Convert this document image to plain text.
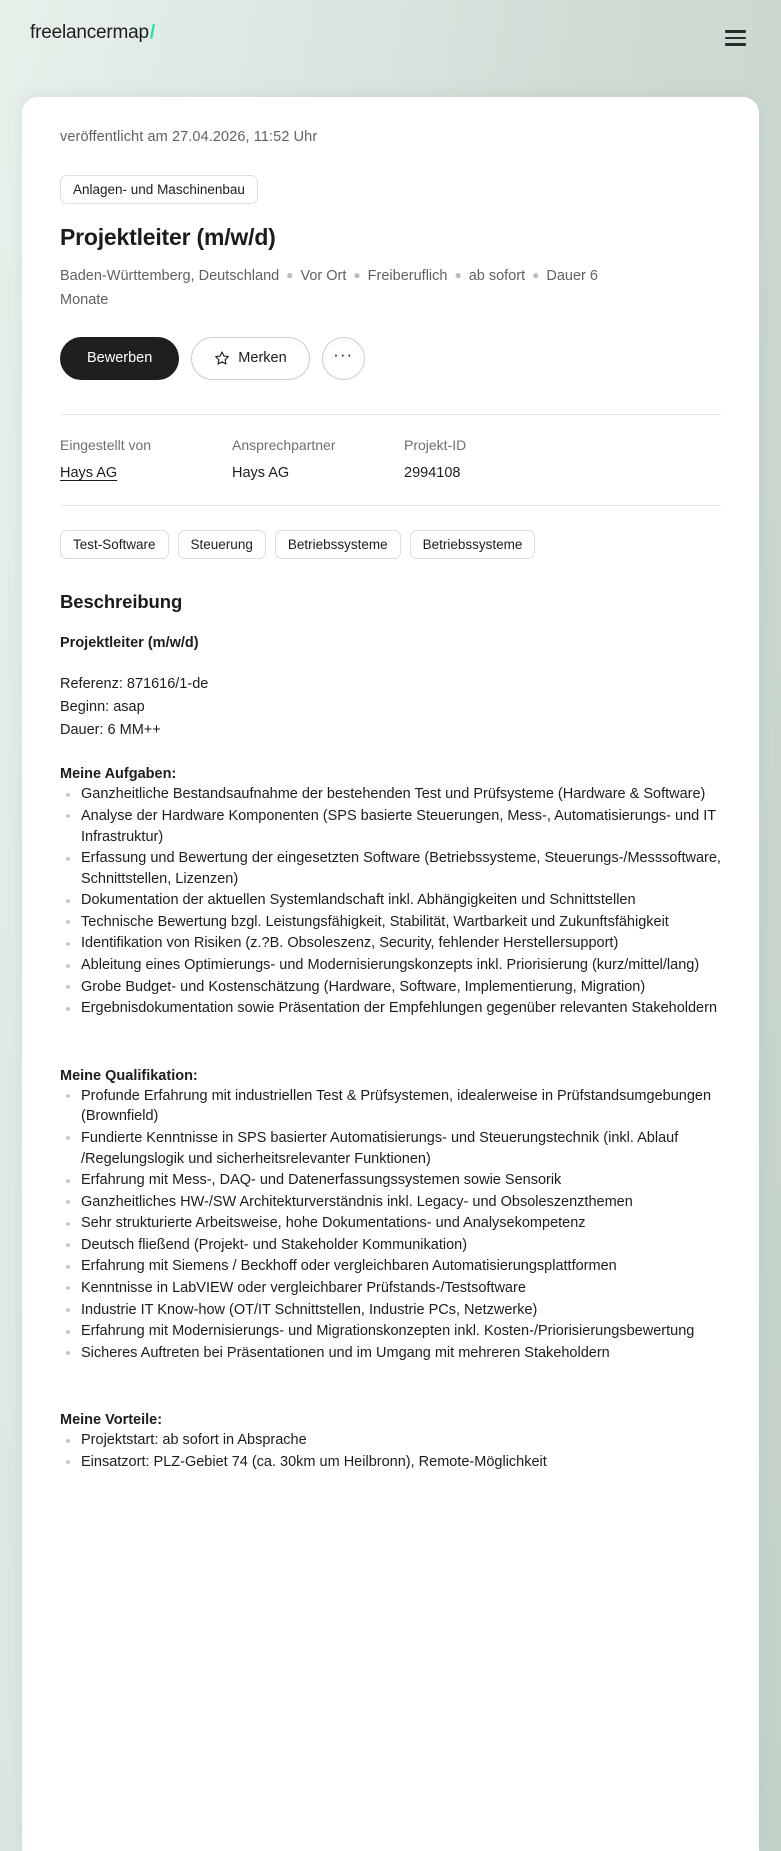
freelancermap/
veröffentlicht am 27.04.2026, 11:52 Uhr
Anlagen- und Maschinenbau
Projektleiter (m/w/d)
Baden-Württemberg, Deutschland ● Vor Ort ● Freiberuflich ● ab sofort ● Dauer 6 Monate
Bewerben	Merken	···
Eingestellt von
Hays AG
Ansprechpartner
Hays AG
Projekt-ID
2994108
Test-Software	Steuerung	Betriebssysteme	Betriebssysteme
Beschreibung
Projektleiter (m/w/d)
Referenz: 871616/1-de
Beginn: asap
Dauer: 6 MM++
Meine Aufgaben:
Ganzheitliche Bestandsaufnahme der bestehenden Test und Prüfsysteme (Hardware & Software)
Analyse der Hardware Komponenten (SPS basierte Steuerungen, Mess-, Automatisierungs- und IT Infrastruktur)
Erfassung und Bewertung der eingesetzten Software (Betriebssysteme, Steuerungs-/Messsoftware, Schnittstellen, Lizenzen)
Dokumentation der aktuellen Systemlandschaft inkl. Abhängigkeiten und Schnittstellen
Technische Bewertung bzgl. Leistungsfähigkeit, Stabilität, Wartbarkeit und Zukunftsfähigkeit
Identifikation von Risiken (z.?B. Obsoleszenz, Security, fehlender Herstellersupport)
Ableitung eines Optimierungs- und Modernisierungskonzepts inkl. Priorisierung (kurz/mittel/lang)
Grobe Budget- und Kostenschätzung (Hardware, Software, Implementierung, Migration)
Ergebnisdokumentation sowie Präsentation der Empfehlungen gegenüber relevanten Stakeholdern
Meine Qualifikation:
Profunde Erfahrung mit industriellen Test & Prüfsystemen, idealerweise in Prüfstandsumgebungen (Brownfield)
Fundierte Kenntnisse in SPS basierter Automatisierungs- und Steuerungstechnik (inkl. Ablauf /Regelungslogik und sicherheitsrelevanter Funktionen)
Erfahrung mit Mess-, DAQ- und Datenerfassungssystemen sowie Sensorik
Ganzheitliches HW-/SW Architekturverständnis inkl. Legacy- und Obsoleszenzthemen
Sehr strukturierte Arbeitsweise, hohe Dokumentations- und Analysekompetenz
Deutsch fließend (Projekt- und Stakeholder Kommunikation)
Erfahrung mit Siemens / Beckhoff oder vergleichbaren Automatisierungsplattformen
Kenntnisse in LabVIEW oder vergleichbarer Prüfstands-/Testsoftware
Industrie IT Know-how (OT/IT Schnittstellen, Industrie PCs, Netzwerke)
Erfahrung mit Modernisierungs- und Migrationskonzepten inkl. Kosten-/Priorisierungsbewertung
Sicheres Auftreten bei Präsentationen und im Umgang mit mehreren Stakeholdern
Meine Vorteile:
Projektstart: ab sofort in Absprache
Einsatzort: PLZ-Gebiet 74 (ca. 30km um Heilbronn), Remote-Möglichkeit
